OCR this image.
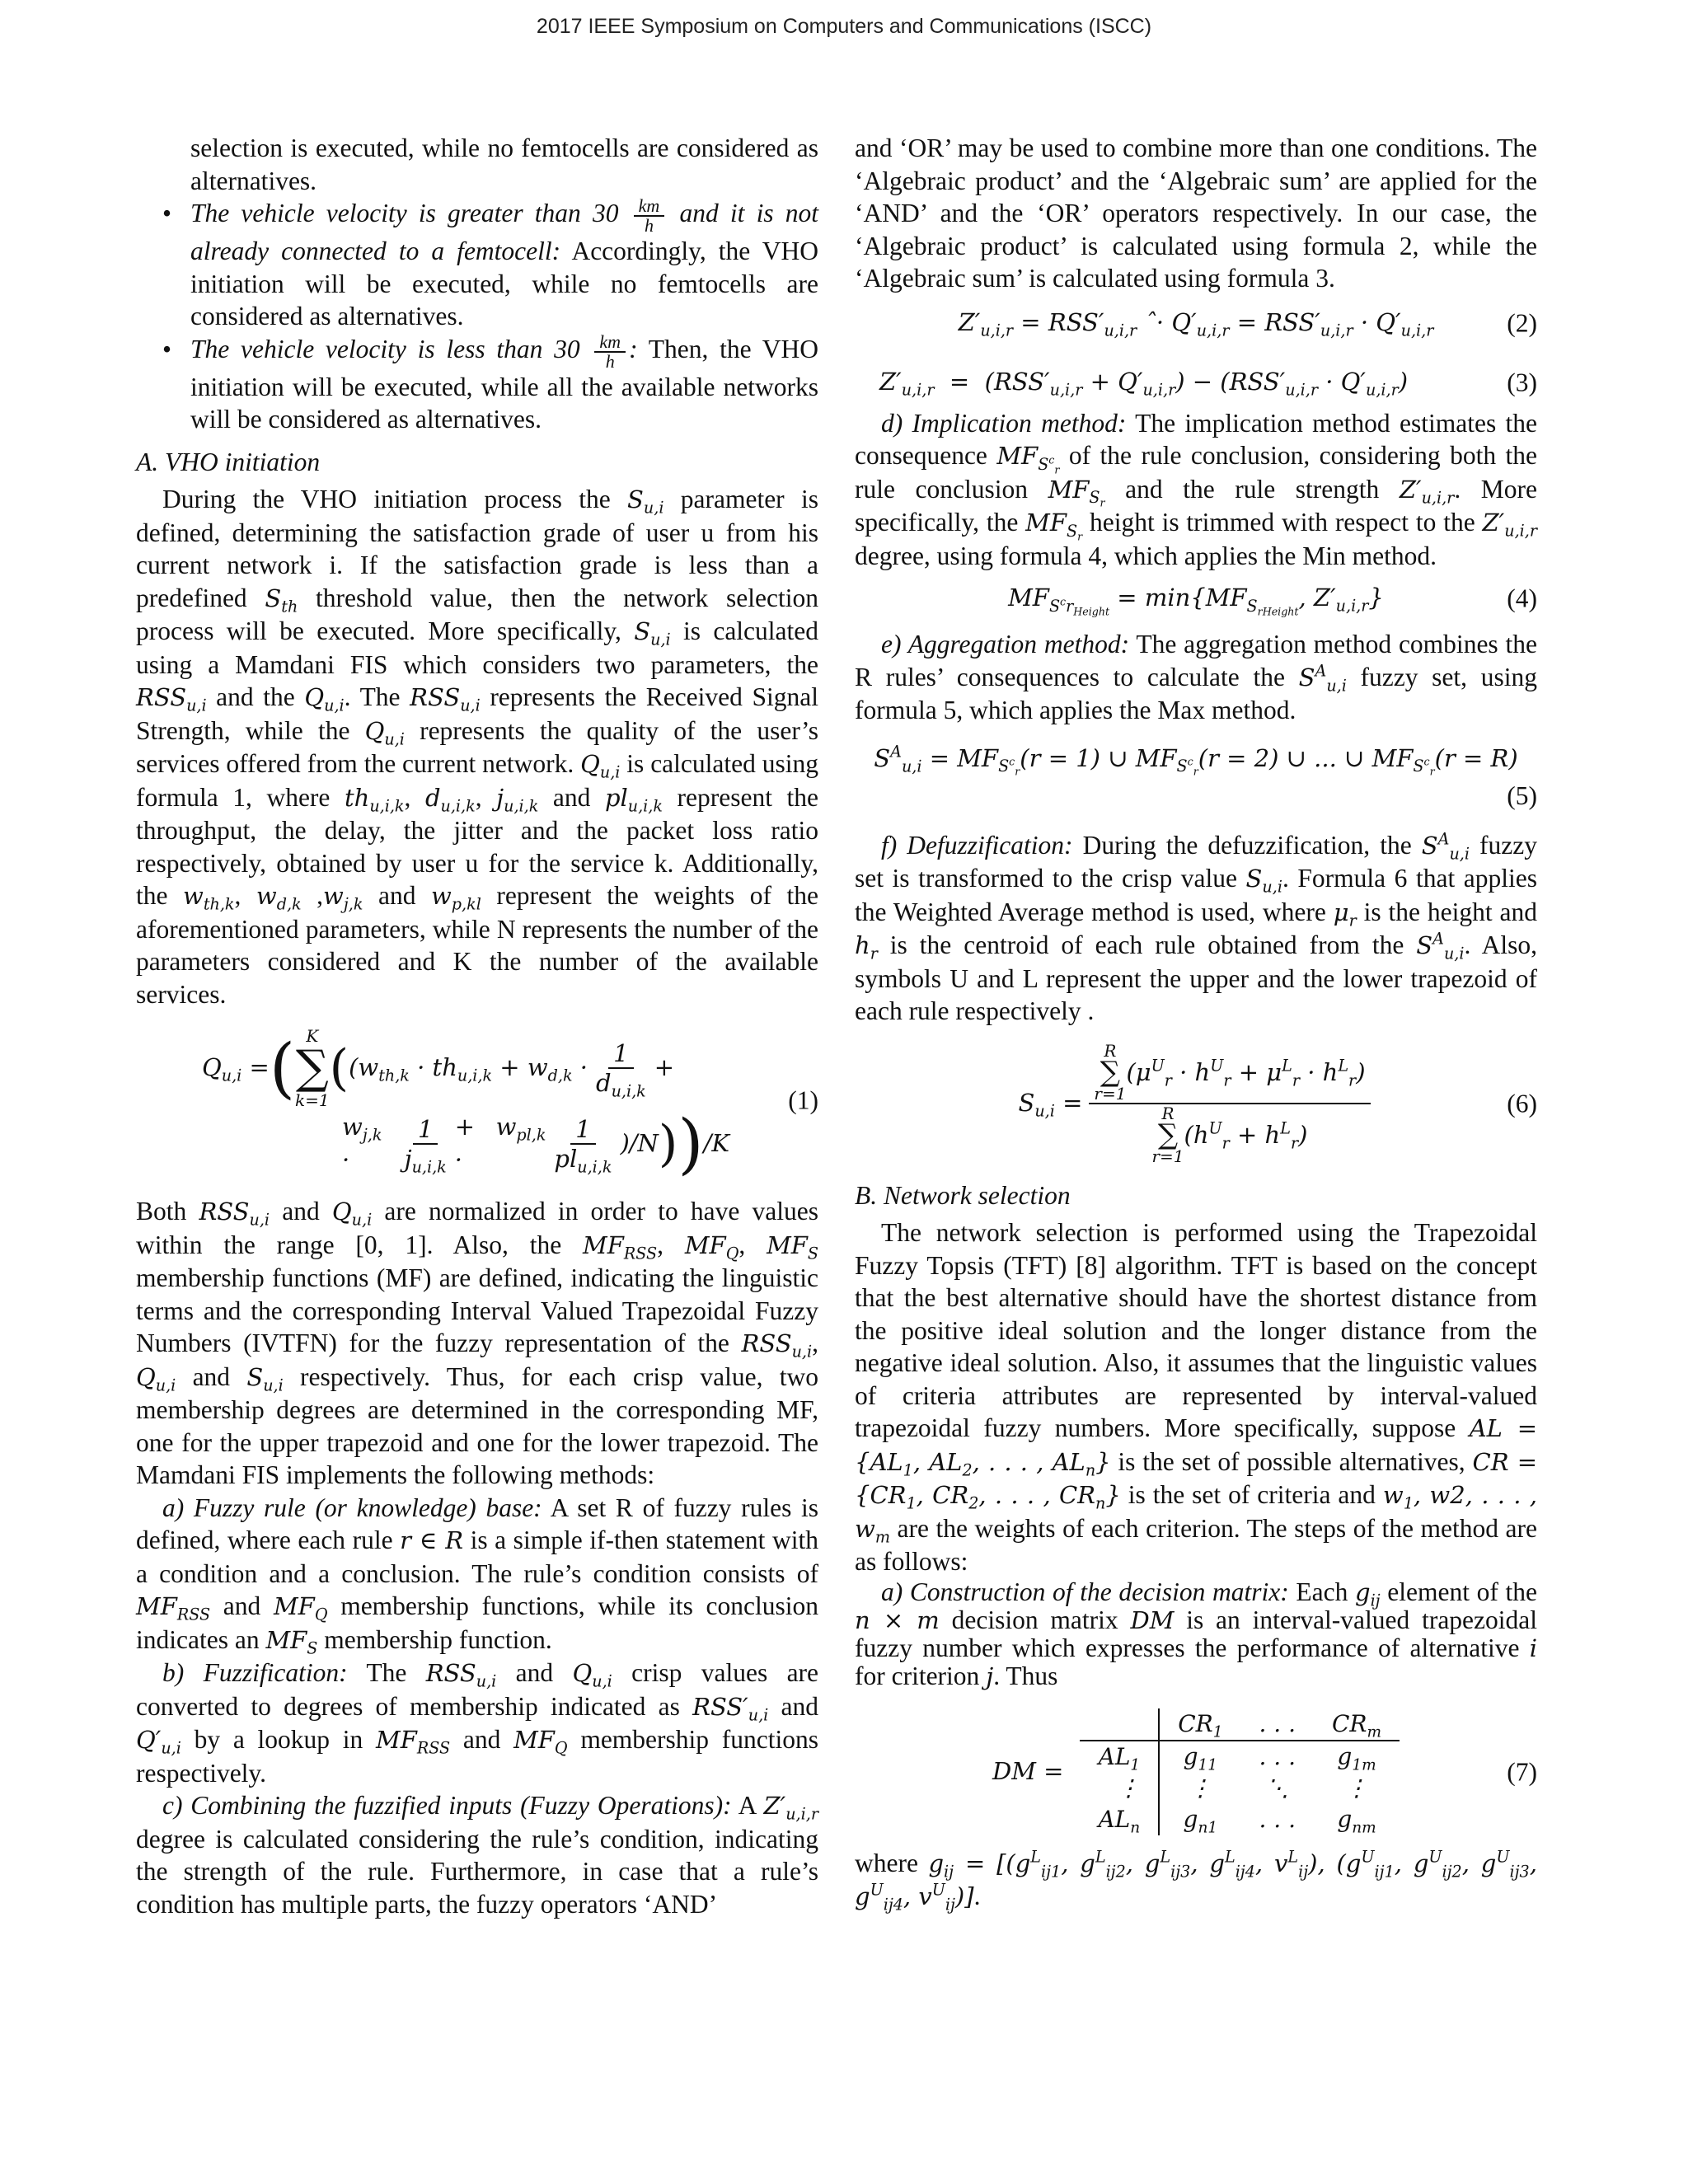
2017 IEEE Symposium on Computers and Communications (ISCC)

selection is executed, while no femtocells are considered as alternatives.

• The vehicle velocity is greater than $30 \frac{km}{h}$ and it is not already connected to a femtocell: Accordingly, the VHO initiation will be executed, while no femtocells are considered as alternatives.
• The vehicle velocity is less than $30 \frac{km}{h}$ : Then, the VHO initiation will be executed, while all the available networks will be considered as alternatives.

A. VHO initiation

During the VHO initiation process the $S_{u,i}$ parameter is defined, determining the satisfaction grade of user u from his current network i. If the satisfaction grade is less than a predefined $S_{th}$ threshold value, then the network selection process will be executed. More specifically, $S_{u,i}$ is calculated using a Mamdani FIS which considers two parameters, the $RSS_{u,i}$ and the $Q_{u,i}$. The $RSS_{u,i}$ represents the Received Signal Strength, while the $Q_{u,i}$ represents the quality of the user’s services offered from the current network. $Q_{u,i}$ is calculated using formula 1, where $th_{u,i,k}$, $d_{u,i,k}$, $j_{u,i,k}$ and $pl_{u,i,k}$ represent the throughput, the delay, the jitter and the packet loss ratio respectively, obtained by user u for the service k. Additionally, the $w_{th,k}$, $w_{d,k}$ $,w_{j,k}$ and $w_{p,kl}$ represent the weights of the aforementioned parameters, while N represents the number of the parameters considered and K the number of the available services.

$Q_{u,i}$ = ( K
∑
k=1
( ($w_{th,k} \cdot th_{u,i,k} + w_{d,k} \cdot \frac{1}{d_{u,i,k}}$ +
$w_{j,k}$ ·	$\frac{1}{j_{u,i,k}} + w_{pl,k}$ ·	$\frac{1}{pl_{u,i,k}} )/N$ ) ) /K
(1)

Both $RSS_{u,i}$ and $Q_{u,i}$ are normalized in order to have values within the range [0, 1]. Also, the $MF_{RSS}$, $MF_Q$, $MF_S$ membership functions (MF) are defined, indicating the linguistic terms and the corresponding Interval Valued Trapezoidal Fuzzy Numbers (IVTFN) for the fuzzy representation of the $RSS_{u,i}$, $Q_{u,i}$ and $S_{u,i}$ respectively. Thus, for each crisp value, two membership degrees are determined in the corresponding MF, one for the upper trapezoid and one for the lower trapezoid. The Mamdani FIS implements the following methods:

a) Fuzzy rule (or knowledge) base: A set R of fuzzy rules is defined, where each rule r ∈ R is a simple if-then statement with a condition and a conclusion. The rule’s condition consists of $MF_{RSS}$ and $MF_Q$ membership functions, while its conclusion indicates an $MF_S$ membership function.

b) Fuzzification: The $RSS_{u,i}$ and $Q_{u,i}$ crisp values are converted to degrees of membership indicated as $RSS'_{u,i}$ and $Q'_{u,i}$ by a lookup in $MF_{RSS}$ and $MF_Q$ membership functions respectively.

c) Combining the fuzzified inputs (Fuzzy Operations): A $Z'_{u,i,r}$ degree is calculated considering the rule’s condition, indicating the strength of the rule. Furthermore, in case that a rule’s condition has multiple parts, the fuzzy operators ‘AND’

and ‘OR’ may be used to combine more than one conditions. The ‘Algebraic product’ and the ‘Algebraic sum’ are applied for the ‘AND’ and the ‘OR’ operators respectively. In our case, the ‘Algebraic product’ is calculated using formula 2, while the ‘Algebraic sum’ is calculated using formula 3.

$Z'_{u,i,r} = RSS'_{u,i,r}$ ˆ· $Q'_{u,i,r} = RSS'_{u,i,r} \cdot Q'_{u,i,r}$	(2)
$Z'_{u,i,r} = (RSS'_{u,i,r} + Q'_{u,i,r}) - (RSS'_{u,i,r} \cdot Q'_{u,i,r})$	(3)

d) Implication method: The implication method estimates the consequence $MF_{S^c_r}$ of the rule conclusion, considering both the rule conclusion $MF_{S_r}$ and the rule strength $Z'_{u,i,r}$. More specifically, the $MF_{S_r}$ height is trimmed with respect to the $Z'_{u,i,r}$ degree, using formula 4, which applies the Min method.

$MF_{S^cr_{Height}} = \min\{MF_{S_{rHeight}}$, $Z'_{u,i,r}$}	(4)

e) Aggregation method: The aggregation method combines the R rules’ consequences to calculate the $S^A_{u,i}$ fuzzy set, using formula 5, which applies the Max method.

$S^A_{u,i} = MF_{S^c_r}(r = 1)$ ∪ $MF_{S^c_r}(r = 2)$ ∪ ... ∪ $MF_{S^c_r}(r = R)$
(5)

f) Defuzzification: During the defuzzification, the $S^A_{u,i}$ fuzzy set is transformed to the crisp value $S_{u,i}$. Formula 6 that applies the Weighted Average method is used, where $\mu_r$ is the height and $h_r$ is the centroid of each rule obtained from the $S^A_{u,i}$. Also, symbols U and L represent the upper and the lower trapezoid of each rule respectively .

$S_{u,i} = R$
∑
r=1
$(\mu^U_r \cdot h^U_r + \mu^L_r \cdot h^L_r)$
R
∑
r=1
$(h^U_r + h^L_r)$	(6)

B. Network selection

The network selection is performed using the Trapezoidal Fuzzy Topsis (TFT) [8] algorithm. TFT is based on the concept that the best alternative should have the shortest distance from the positive ideal solution and the longer distance from the negative ideal solution. Also, it assumes that the linguistic values of criteria attributes are represented by interval-valued trapezoidal fuzzy numbers. More specifically, suppose AL = {$AL_1$, $AL_2$, . . . , $AL_n$} is the set of possible alternatives, CR = {$CR_1$, $CR_2$, . . . , $CR_n$} is the set of criteria and $w_1$, w2, . . . , $w_m$ are the weights of each criterion. The steps of the method are as follows:

a) Construction of the decision matrix: Each $g_{ij}$ element of the n × m decision matrix DM is an interval-valued trapezoidal fuzzy number which expresses the performance of alternative i for criterion j. Thus

DM =
	$CR_1$	. . .	$CR_m$
$AL_1$	$g_{11}$	. . .	$g_{1m}$
⋮	⋮	⋱	⋮
$AL_n$	$g_{n1}$	. . .	$g_{nm}$
(7)

where $g_{ij} = [(g^L_{ij1}$, $g^L_{ij2}$, $g^L_{ij3}$, $g^L_{ij4}$, $v^L_{ij}$), ($g^U_{ij1}$, $g^U_{ij2}$, $g^U_{ij3}$, $g^U_{ij4}$, $v^U_{ij}$)].
